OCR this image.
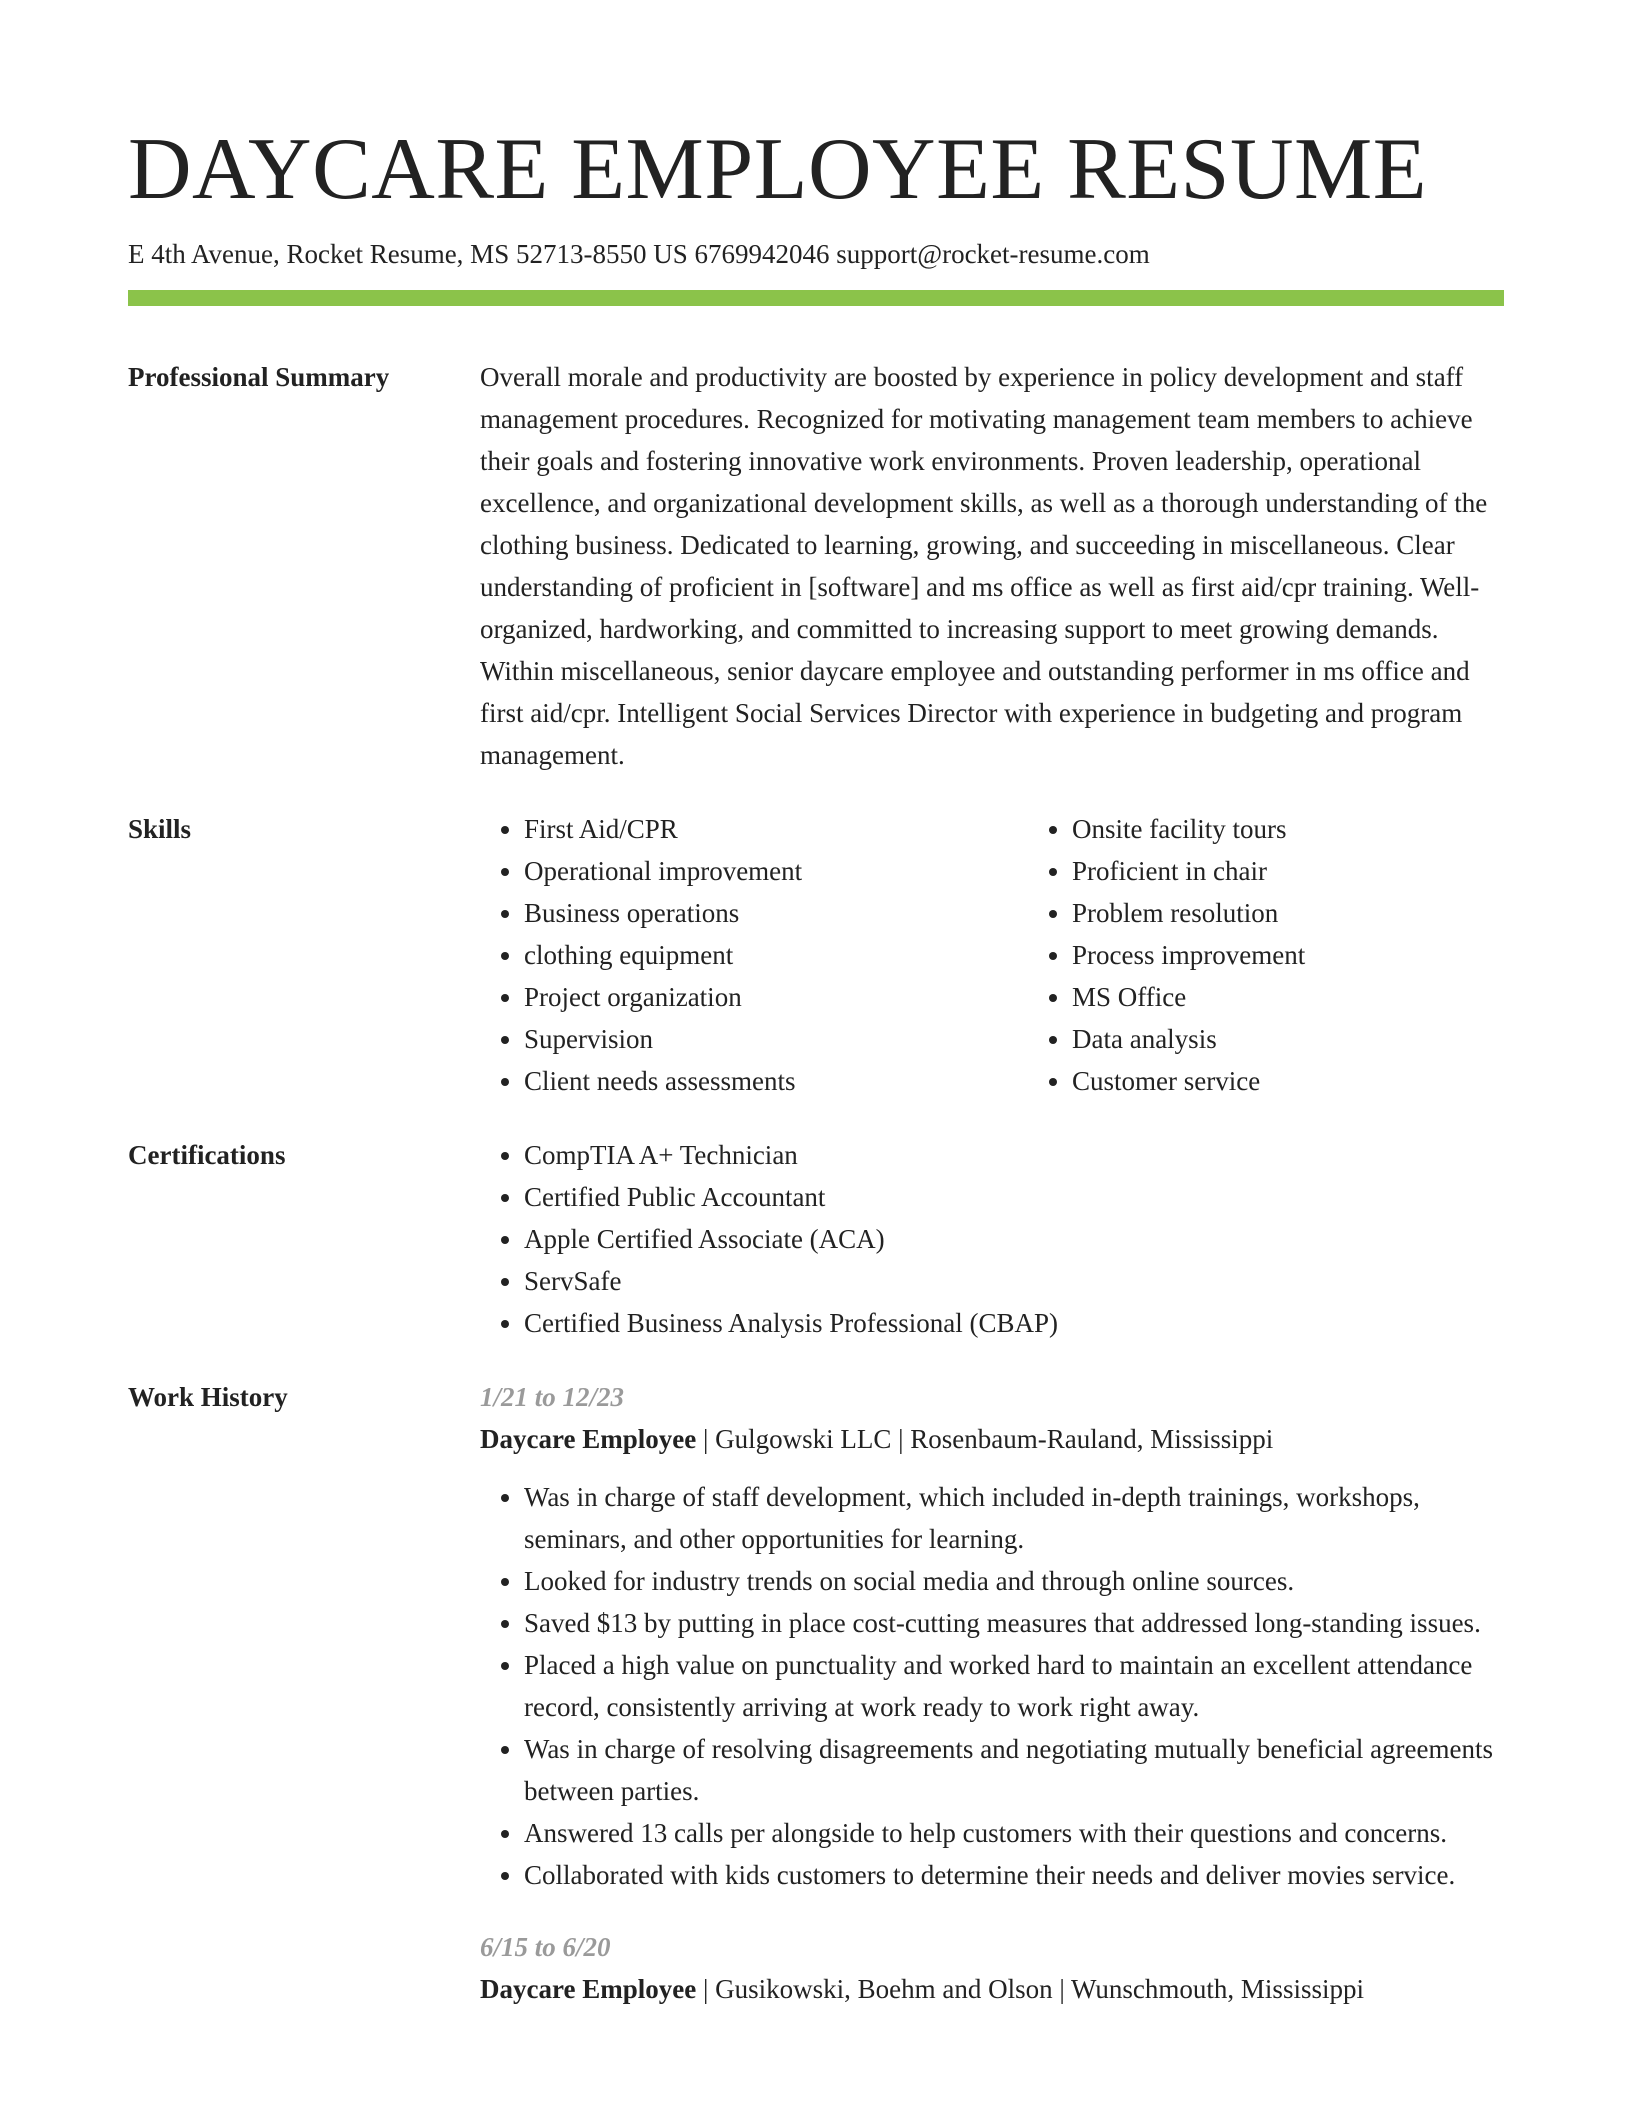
DAYCARE EMPLOYEE RESUME
E 4th Avenue, Rocket Resume, MS 52713-8550 US 6769942046 support@rocket-resume.com
Professional Summary	Overall morale and productivity are boosted by experience in policy development and staff management procedures. Recognized for motivating management team members to achieve their goals and fostering innovative work environments. Proven leadership, operational excellence, and organizational development skills, as well as a thorough understanding of the clothing business. Dedicated to learning, growing, and succeeding in miscellaneous. Clear understanding of proficient in [software] and ms office as well as first aid/cpr training. Well-organized, hardworking, and committed to increasing support to meet growing demands. Within miscellaneous, senior daycare employee and outstanding performer in ms office and first aid/cpr. Intelligent Social Services Director with experience in budgeting and program management.

Skills	• First Aid/CPR
• Operational improvement
• Business operations
• clothing equipment
• Project organization
• Supervision
• Client needs assessments
• Onsite facility tours
• Proficient in chair
• Problem resolution
• Process improvement
• MS Office
• Data analysis
• Customer service
Certifications	• CompTIA A+ Technician
• Certified Public Accountant
• Apple Certified Associate (ACA)
• ServSafe
• Certified Business Analysis Professional (CBAP)
Work History	1/21 to 12/23
Daycare Employee | Gulgowski LLC | Rosenbaum-Rauland, Mississippi
• Was in charge of staff development, which included in-depth trainings, workshops, seminars, and other opportunities for learning.
• Looked for industry trends on social media and through online sources.
• Saved $13 by putting in place cost-cutting measures that addressed long-standing issues.
• Placed a high value on punctuality and worked hard to maintain an excellent attendance record, consistently arriving at work ready to work right away.
• Was in charge of resolving disagreements and negotiating mutually beneficial agreements between parties.
• Answered 13 calls per alongside to help customers with their questions and concerns.
• Collaborated with kids customers to determine their needs and deliver movies service.
6/15 to 6/20
Daycare Employee | Gusikowski, Boehm and Olson | Wunschmouth, Mississippi
